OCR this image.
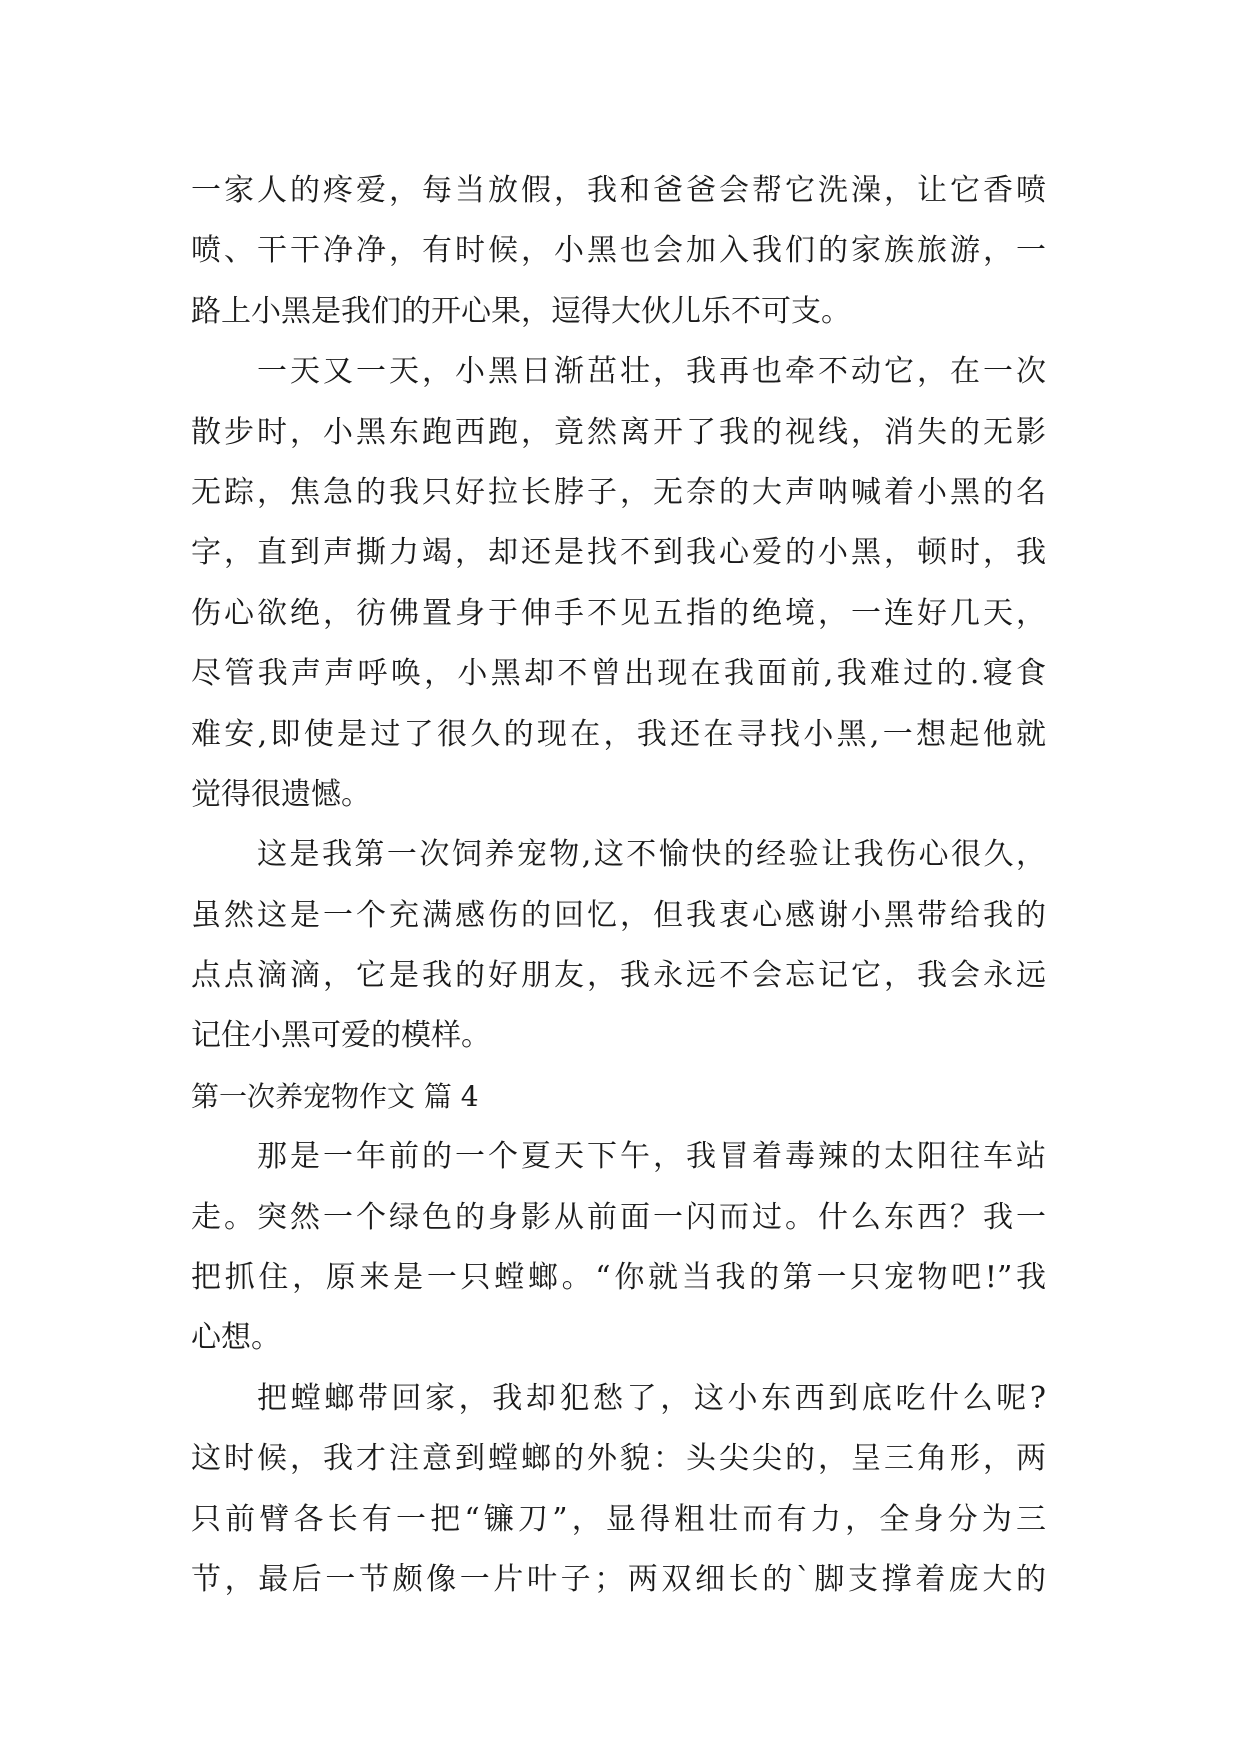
一家人的疼爱，每当放假，我和爸爸会帮它洗澡，让它香喷
喷、干干净净，有时候，小黑也会加入我们的家族旅游，一
路上小黑是我们的开心果，逗得大伙儿乐不可支。
一天又一天，小黑日渐茁壮，我再也牵不动它，在一次
散步时，小黑东跑西跑，竟然离开了我的视线，消失的无影
无踪，焦急的我只好拉长脖子，无奈的大声呐喊着小黑的名
字，直到声撕力竭，却还是找不到我心爱的小黑，顿时，我
伤心欲绝，彷佛置身于伸手不见五指的绝境，一连好几天，
尽管我声声呼唤，小黑却不曾出现在我面前,我难过的.寝食
难安,即使是过了很久的现在，我还在寻找小黑,一想起他就
觉得很遗憾。
这是我第一次饲养宠物,这不愉快的经验让我伤心很久，
虽然这是一个充满感伤的回忆，但我衷心感谢小黑带给我的
点点滴滴，它是我的好朋友，我永远不会忘记它，我会永远
记住小黑可爱的模样。
第一次养宠物作文 篇 4
那是一年前的一个夏天下午，我冒着毒辣的太阳往车站
走。突然一个绿色的身影从前面一闪而过。什么东西？我一
把抓住，原来是一只螳螂。“你就当我的第一只宠物吧!”我
心想。
把螳螂带回家，我却犯愁了，这小东西到底吃什么呢?
这时候，我才注意到螳螂的外貌：头尖尖的，呈三角形，两
只前臂各长有一把“镰刀”，显得粗壮而有力，全身分为三
节，最后一节颇像一片叶子；两双细长的`脚支撑着庞大的
